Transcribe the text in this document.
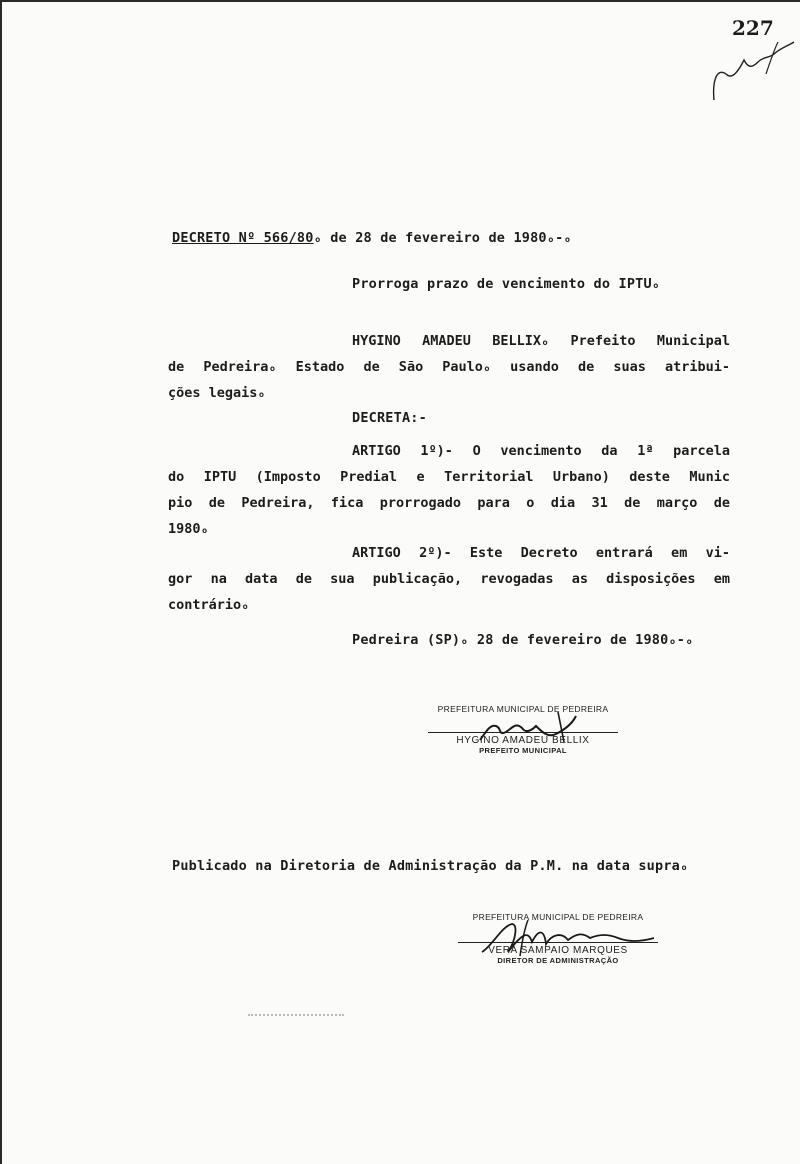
227
DECRETO Nº 566/80ₒ de 28 de fevereiro de 1980ₒ-ₒ
Prorroga prazo de vencimento do IPTUₒ
HYGINO AMADEU BELLIXₒ Prefeito Municipal
de Pedreiraₒ Estado de São Pauloₒ usando de suas atribui-
ções legaisₒ
DECRETA:-
ARTIGO 1º)- O vencimento da 1ª parcela
do IPTU (Imposto Predial e Territorial Urbano) deste Munic
pio de Pedreira, fica prorrogado para o dia 31 de março de
1980ₒ
ARTIGO 2º)- Este Decreto entrará em vi-
gor na data de sua publicação, revogadas as disposições em
contrárioₒ
Pedreira (SP)ₒ 28 de fevereiro de 1980ₒ-ₒ
PREFEITURA MUNICIPAL DE PEDREIRA
HYGINO AMADEU BELLIX
PREFEITO MUNICIPAL
Publicado na Diretoria de Administração da P.M. na data supraₒ
PREFEITURA MUNICIPAL DE PEDREIRA
VERA SAMPAIO MARQUES
DIRETOR DE ADMINISTRAÇÃO
